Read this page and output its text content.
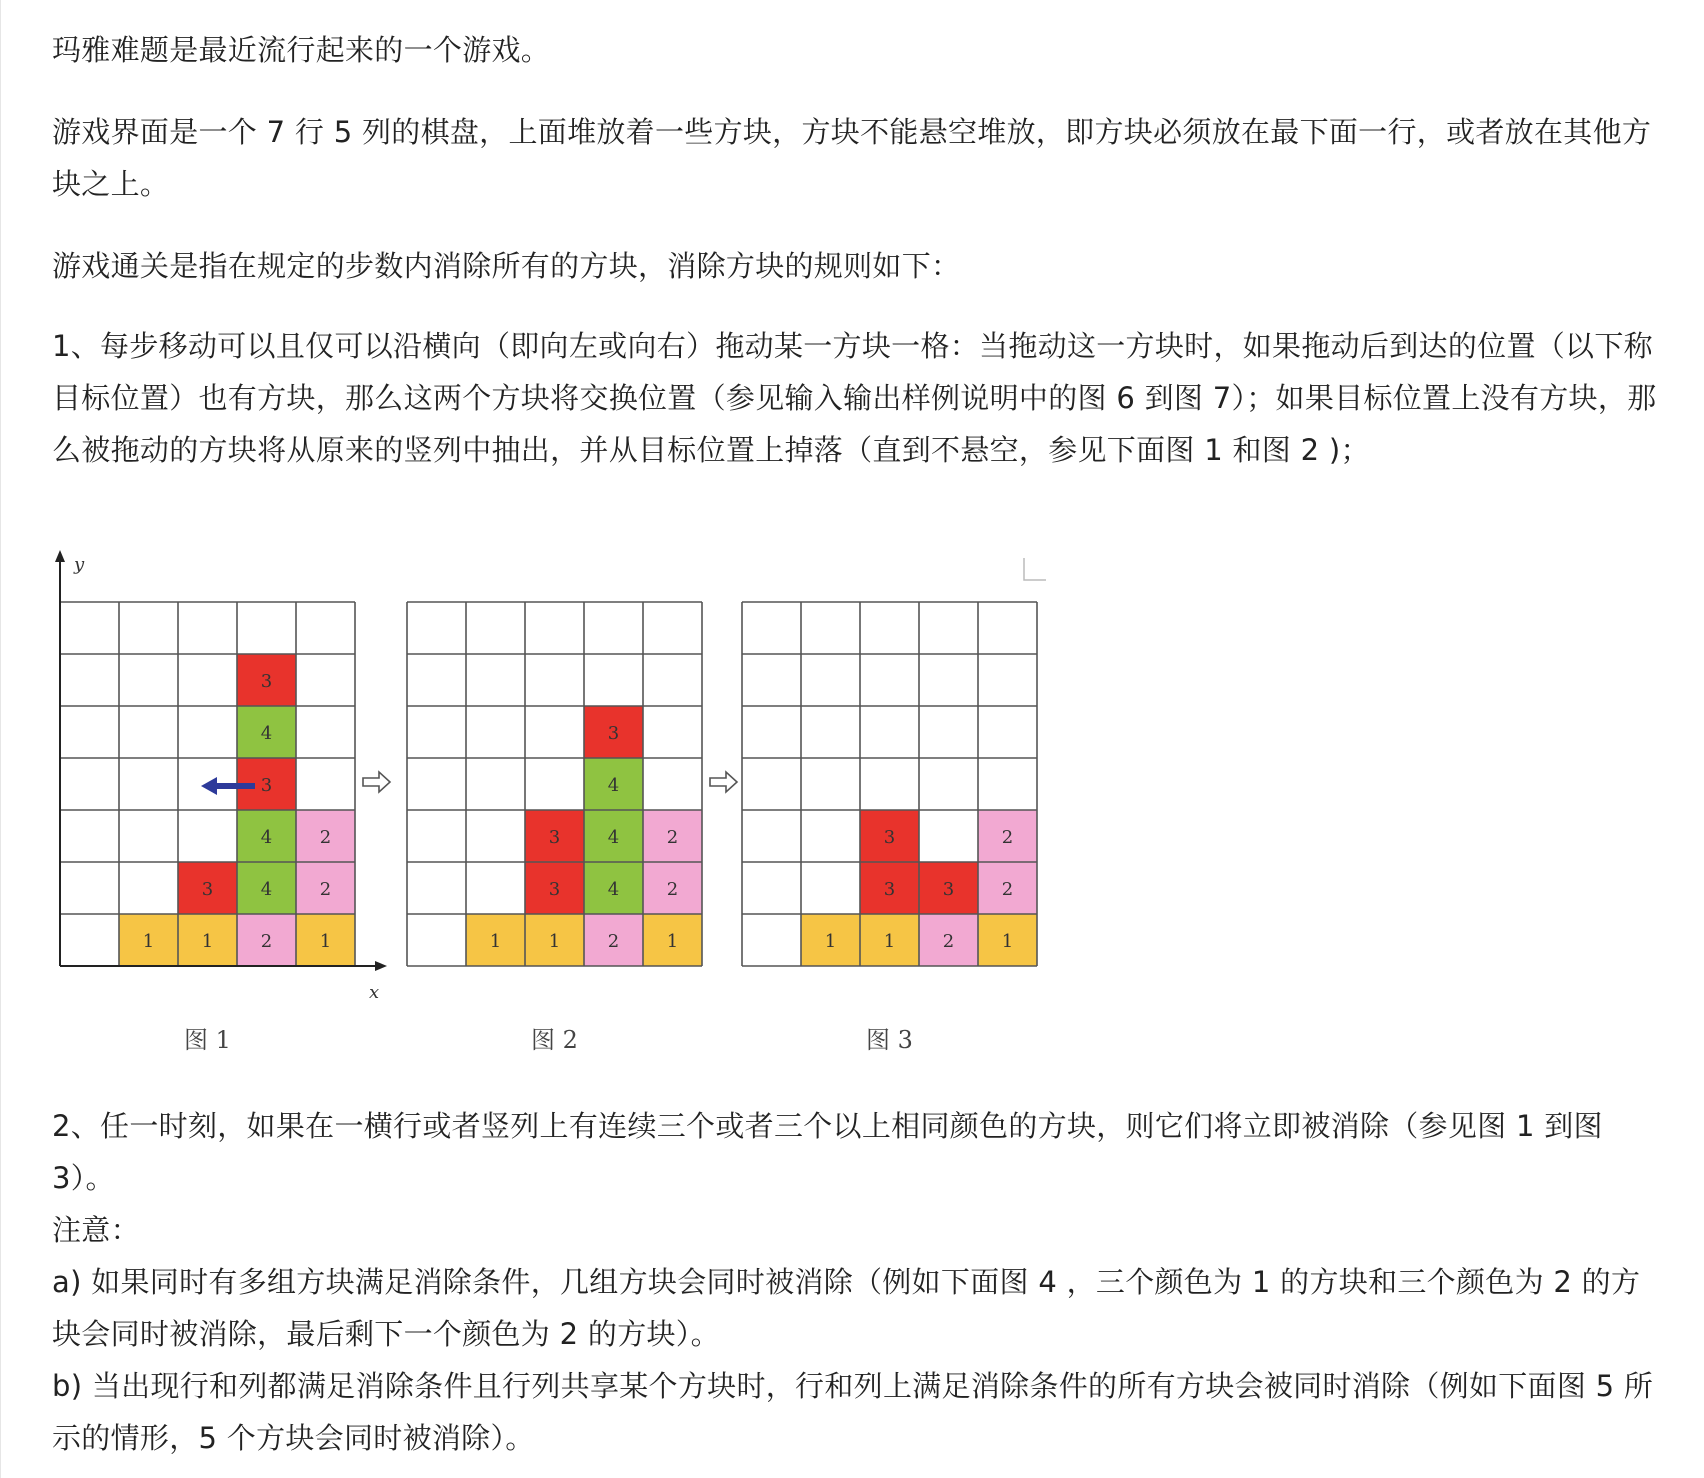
玛雅难题是最近流行起来的一个游戏。

游戏界面是一个 7 行 5 列的棋盘，上面堆放着一些方块，方块不能悬空堆放，即方块必须放在最下面一行，或者放在其他方块之上。

游戏通关是指在规定的步数内消除所有的方块，消除方块的规则如下：

1、每步移动可以且仅可以沿横向（即向左或向右）拖动某一方块一格：当拖动这一方块时，如果拖动后到达的位置（以下称目标位置）也有方块，那么这两个方块将交换位置（参见输入输出样例说明中的图 6 到图 7）；如果目标位置上没有方块，那么被拖动的方块将从原来的竖列中抽出，并从目标位置上掉落（直到不悬空，参见下面图 1 和图 2 )；

1	1
3
2
4
4
3
4
3
1
2
2
图 1
1	1
3
3
2
4
4
4
3
1
2
2
图 2
1	1
3
3
2
3
1
2
2
图 3
y
x

2、任一时刻，如果在一横行或者竖列上有连续三个或者三个以上相同颜色的方块，则它们将立即被消除（参见图 1 到图 3）。

注意：

a) 如果同时有多组方块满足消除条件，几组方块会同时被消除（例如下面图 4 ，三个颜色为 1 的方块和三个颜色为 2 的方块会同时被消除，最后剩下一个颜色为 2 的方块）。

b) 当出现行和列都满足消除条件且行列共享某个方块时，行和列上满足消除条件的所有方块会被同时消除（例如下面图 5 所示的情形，5 个方块会同时被消除）。
